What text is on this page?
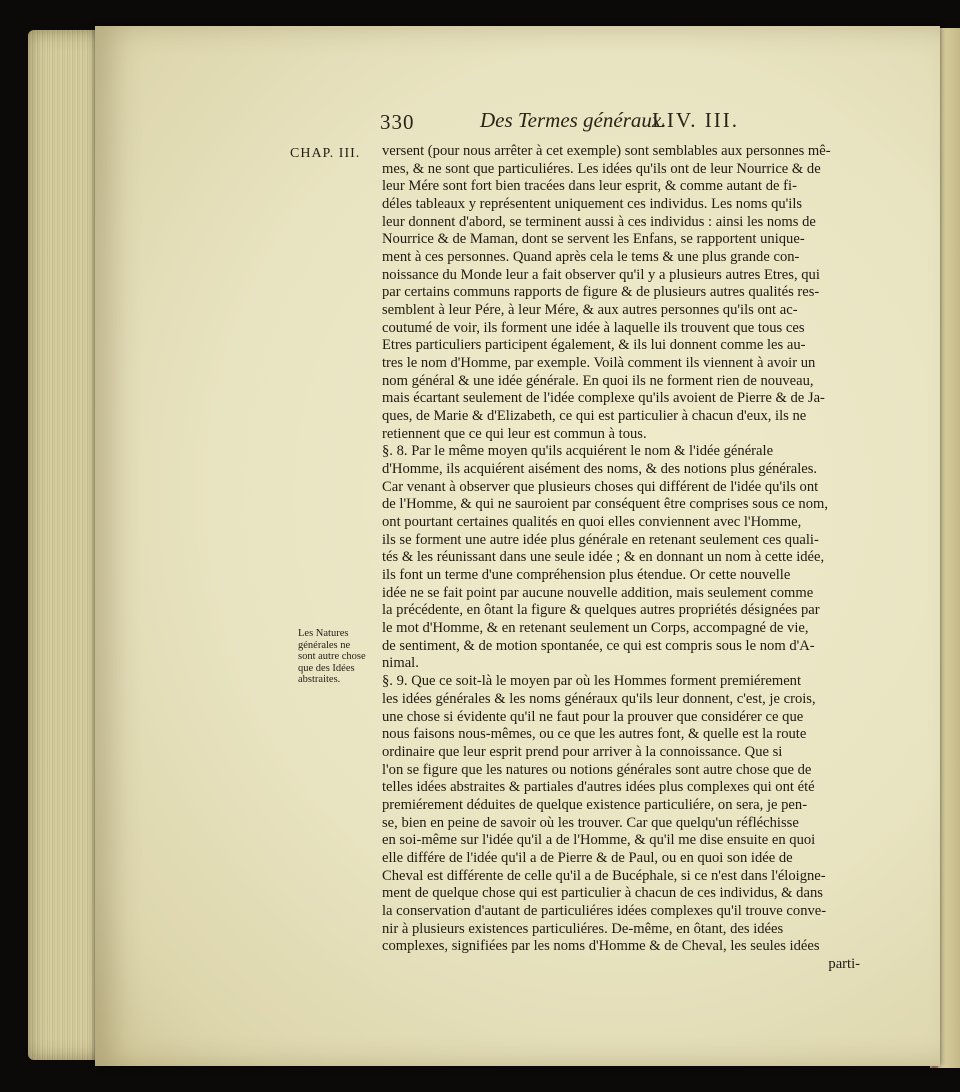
330	Des Termes généraux.
LIV. III.
CHAP. III.
Les Natures
générales ne
sont autre chose
que des Idées
abstraites.
versent (pour nous arrêter à cet exemple) sont semblables aux personnes mê-
mes, & ne sont que particuliéres. Les idées qu'ils ont de leur Nourrice & de
leur Mére sont fort bien tracées dans leur esprit, & comme autant de fi-
déles tableaux y représentent uniquement ces individus. Les noms qu'ils
leur donnent d'abord, se terminent aussi à ces individus : ainsi les noms de
Nourrice & de Maman, dont se servent les Enfans, se rapportent unique-
ment à ces personnes. Quand après cela le tems & une plus grande con-
noissance du Monde leur a fait observer qu'il y a plusieurs autres Etres, qui
par certains communs rapports de figure & de plusieurs autres qualités res-
semblent à leur Pére, à leur Mére, & aux autres personnes qu'ils ont ac-
coutumé de voir, ils forment une idée à laquelle ils trouvent que tous ces
Etres particuliers participent également, & ils lui donnent comme les au-
tres le nom d'Homme, par exemple. Voilà comment ils viennent à avoir un
nom général & une idée générale. En quoi ils ne forment rien de nouveau,
mais écartant seulement de l'idée complexe qu'ils avoient de Pierre & de Ja-
ques, de Marie & d'Elizabeth, ce qui est particulier à chacun d'eux, ils ne
retiennent que ce qui leur est commun à tous.
§. 8. Par le même moyen qu'ils acquiérent le nom & l'idée générale
d'Homme, ils acquiérent aisément des noms, & des notions plus générales.
Car venant à observer que plusieurs choses qui différent de l'idée qu'ils ont
de l'Homme, & qui ne sauroient par conséquent être comprises sous ce nom,
ont pourtant certaines qualités en quoi elles conviennent avec l'Homme,
ils se forment une autre idée plus générale en retenant seulement ces quali-
tés & les réunissant dans une seule idée ; & en donnant un nom à cette idée,
ils font un terme d'une compréhension plus étendue. Or cette nouvelle
idée ne se fait point par aucune nouvelle addition, mais seulement comme
la précédente, en ôtant la figure & quelques autres propriétés désignées par
le mot d'Homme, & en retenant seulement un Corps, accompagné de vie,
de sentiment, & de motion spontanée, ce qui est compris sous le nom d'A-
nimal.
§. 9. Que ce soit-là le moyen par où les Hommes forment premiérement
les idées générales & les noms généraux qu'ils leur donnent, c'est, je crois,
une chose si évidente qu'il ne faut pour la prouver que considérer ce que
nous faisons nous-mêmes, ou ce que les autres font, & quelle est la route
ordinaire que leur esprit prend pour arriver à la connoissance. Que si
l'on se figure que les natures ou notions générales sont autre chose que de
telles idées abstraites & partiales d'autres idées plus complexes qui ont été
premiérement déduites de quelque existence particuliére, on sera, je pen-
se, bien en peine de savoir où les trouver. Car que quelqu'un réfléchisse
en soi-même sur l'idée qu'il a de l'Homme, & qu'il me dise ensuite en quoi
elle différe de l'idée qu'il a de Pierre & de Paul, ou en quoi son idée de
Cheval est différente de celle qu'il a de Bucéphale, si ce n'est dans l'éloigne-
ment de quelque chose qui est particulier à chacun de ces individus, & dans
la conservation d'autant de particuliéres idées complexes qu'il trouve conve-
nir à plusieurs existences particuliéres. De-même, en ôtant, des idées
complexes, signifiées par les noms d'Homme & de Cheval, les seules idées
parti-
